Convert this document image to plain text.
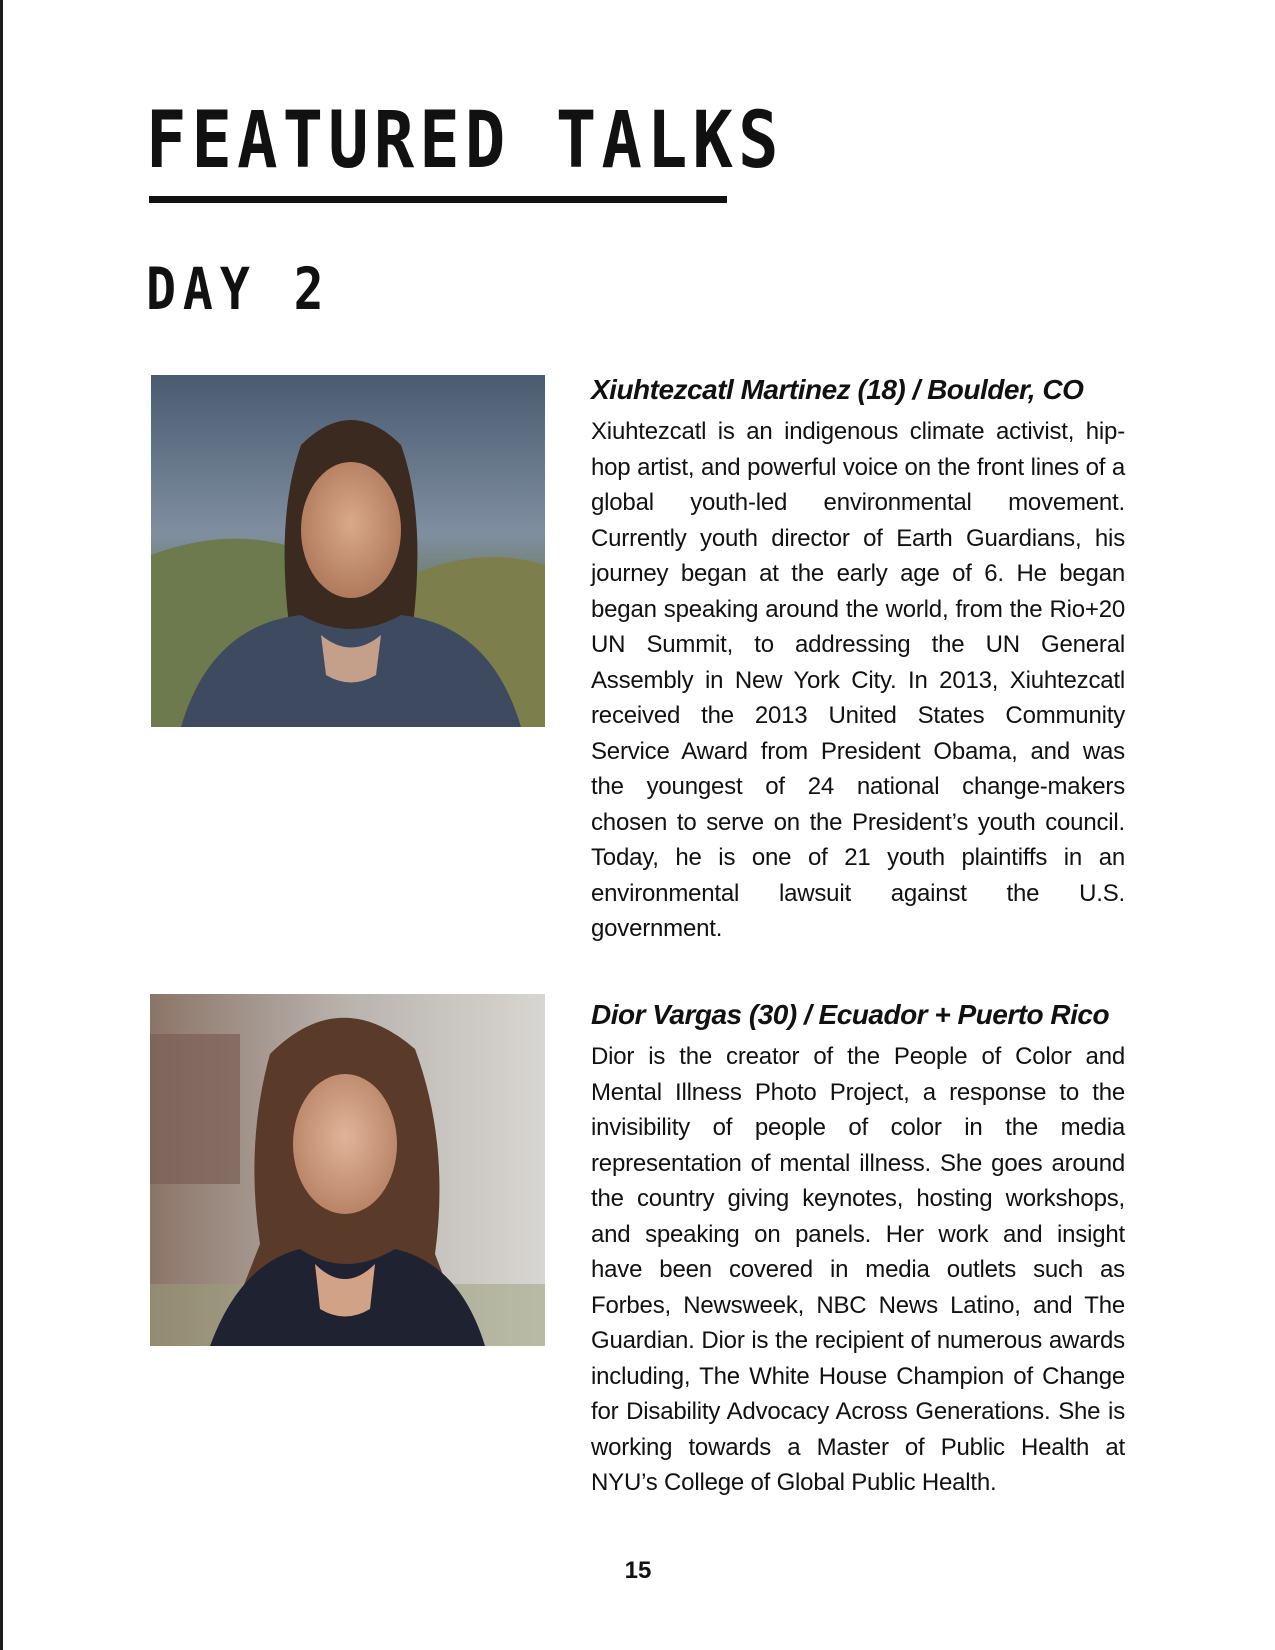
FEATURED TALKS
DAY 2

Xiuhtezcatl Martinez (18) / Boulder, CO

Xiuhtezcatl is an indigenous climate activist, hip-hop artist, and powerful voice on the front lines of a global youth-led environmental movement. Currently youth director of Earth Guardians, his journey began at the early age of 6. He began began speaking around the world, from the Rio+20 UN Summit, to addressing the UN General Assembly in New York City. In 2013, Xiuhtezcatl received the 2013 United States Community Service Award from President Obama, and was the youngest of 24 national change-makers chosen to serve on the President’s youth council. Today, he is one of 21 youth plaintiffs in an environmental lawsuit against the U.S. government.

Dior Vargas (30) / Ecuador + Puerto Rico

Dior is the creator of the People of Color and Mental Illness Photo Project, a response to the invisibility of people of color in the media representation of mental illness. She goes around the country giving keynotes, hosting workshops, and speaking on panels. Her work and insight have been covered in media outlets such as Forbes, Newsweek, NBC News Latino, and The Guardian. Dior is the recipient of numerous awards including, The White House Champion of Change for Disability Advocacy Across Generations. She is working towards a Master of Public Health at NYU’s College of Global Public Health.

15
